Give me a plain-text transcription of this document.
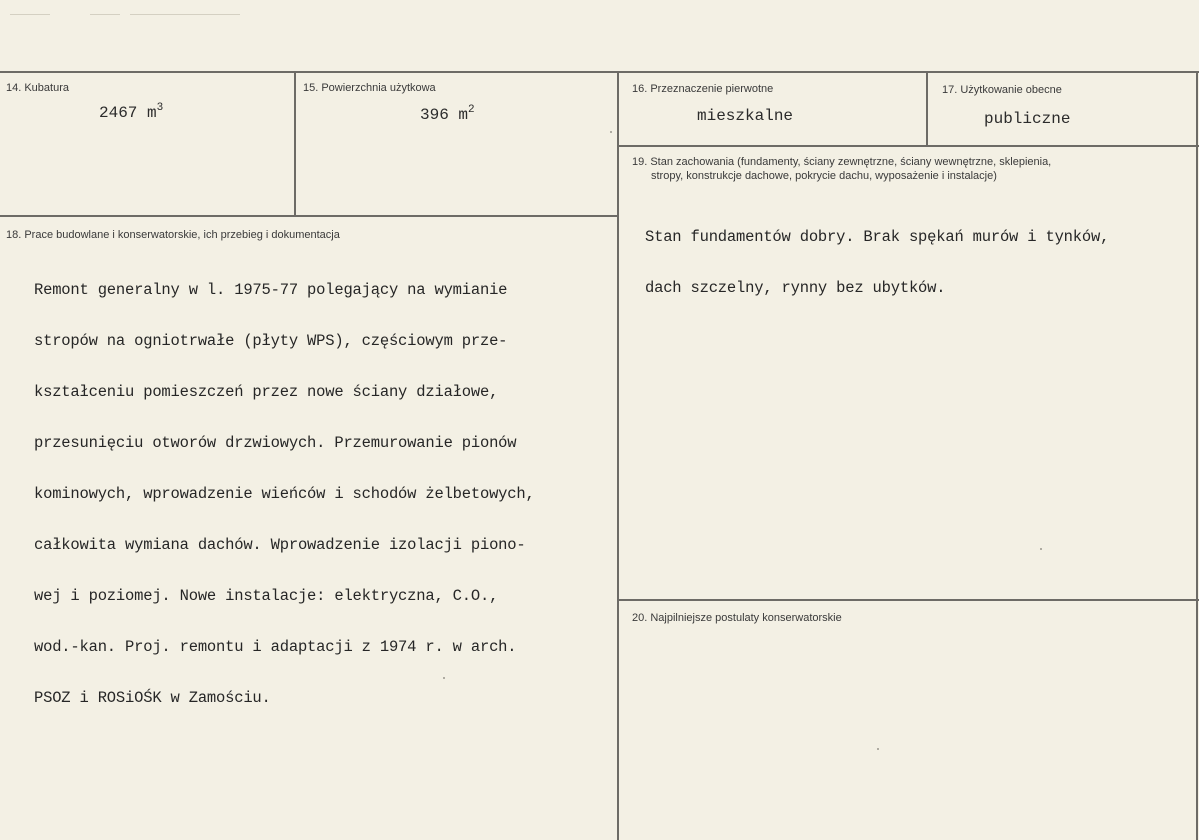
14. Kubatura
2467 $m^3$
15. Powierzchnia użytkowa
396 $m^2$
16. Przeznaczenie pierwotne
mieszkalne
17. Użytkowanie obecne
publiczne
18. Prace budowlane i konserwatorskie, ich przebieg i dokumentacja

Remont generalny w l. 1975-77 polegający na wymianie

stropów na ogniotrwałe (płyty WPS), częściowym prze-

kształceniu pomieszczeń przez nowe ściany działowe,

przesunięciu otworów drzwiowych. Przemurowanie pionów

kominowych, wprowadzenie wieńców i schodów żelbetowych,

całkowita wymiana dachów. Wprowadzenie izolacji piono-

wej i poziomej. Nowe instalacje: elektryczna, C.O.,

wod.-kan. Proj. remontu i adaptacji z 1974 r. w arch.

PSOZ i ROSiOŚK w Zamościu.

19. Stan zachowania (fundamenty, ściany zewnętrzne, ściany wewnętrzne, sklepienia,
stropy, konstrukcje dachowe, pokrycie dachu, wyposażenie i instalacje)

Stan fundamentów dobry. Brak spękań murów i tynków,

dach szczelny, rynny bez ubytków.

20. Najpilniejsze postulaty konserwatorskie
